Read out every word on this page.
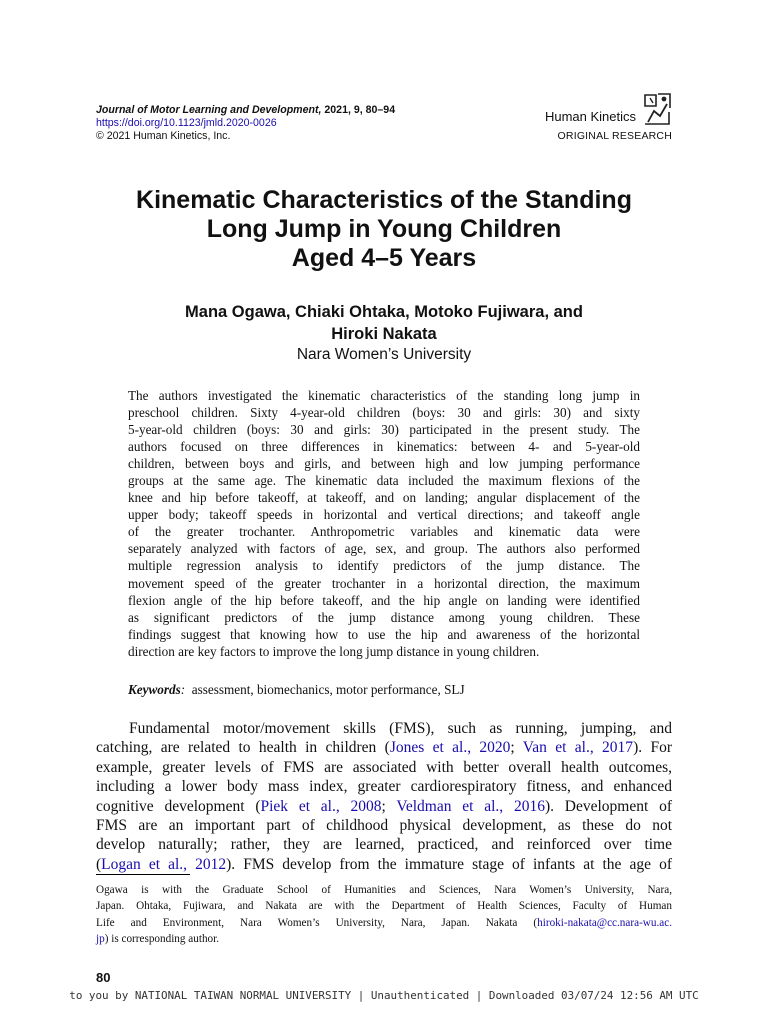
Journal of Motor Learning and Development, 2021, 9, 80–94
https://doi.org/10.1123/jmld.2020-0026
© 2021 Human Kinetics, Inc.
Human Kinetics
ORIGINAL RESEARCH
Kinematic Characteristics of the Standing
Long Jump in Young Children
Aged 4–5 Years
Mana Ogawa, Chiaki Ohtaka, Motoko Fujiwara, and
Hiroki Nakata
Nara Women’s University
The authors investigated the kinematic characteristics of the standing long jump in
preschool children. Sixty 4-year-old children (boys: 30 and girls: 30) and sixty
5-year-old children (boys: 30 and girls: 30) participated in the present study. The
authors focused on three differences in kinematics: between 4- and 5-year-old
children, between boys and girls, and between high and low jumping performance
groups at the same age. The kinematic data included the maximum flexions of the
knee and hip before takeoff, at takeoff, and on landing; angular displacement of the
upper body; takeoff speeds in horizontal and vertical directions; and takeoff angle
of the greater trochanter. Anthropometric variables and kinematic data were
separately analyzed with factors of age, sex, and group. The authors also performed
multiple regression analysis to identify predictors of the jump distance. The
movement speed of the greater trochanter in a horizontal direction, the maximum
flexion angle of the hip before takeoff, and the hip angle on landing were identified
as significant predictors of the jump distance among young children. These
findings suggest that knowing how to use the hip and awareness of the horizontal
direction are key factors to improve the long jump distance in young children.
Keywords: assessment, biomechanics, motor performance, SLJ
Fundamental motor/movement skills (FMS), such as running, jumping, and
catching, are related to health in children (Jones et al., 2020; Van et al., 2017). For
example, greater levels of FMS are associated with better overall health outcomes,
including a lower body mass index, greater cardiorespiratory fitness, and enhanced
cognitive development (Piek et al., 2008; Veldman et al., 2016). Development of
FMS are an important part of childhood physical development, as these do not
develop naturally; rather, they are learned, practiced, and reinforced over time
(Logan et al., 2012). FMS develop from the immature stage of infants at the age of
Ogawa is with the Graduate School of Humanities and Sciences, Nara Women’s University, Nara,
Japan. Ohtaka, Fujiwara, and Nakata are with the Department of Health Sciences, Faculty of Human
Life and Environment, Nara Women’s University, Nara, Japan. Nakata (hiroki-nakata@cc.nara-wu.ac.
jp) is corresponding author.
80
to you by NATIONAL TAIWAN NORMAL UNIVERSITY | Unauthenticated | Downloaded 03/07/24 12:56 AM UTC
